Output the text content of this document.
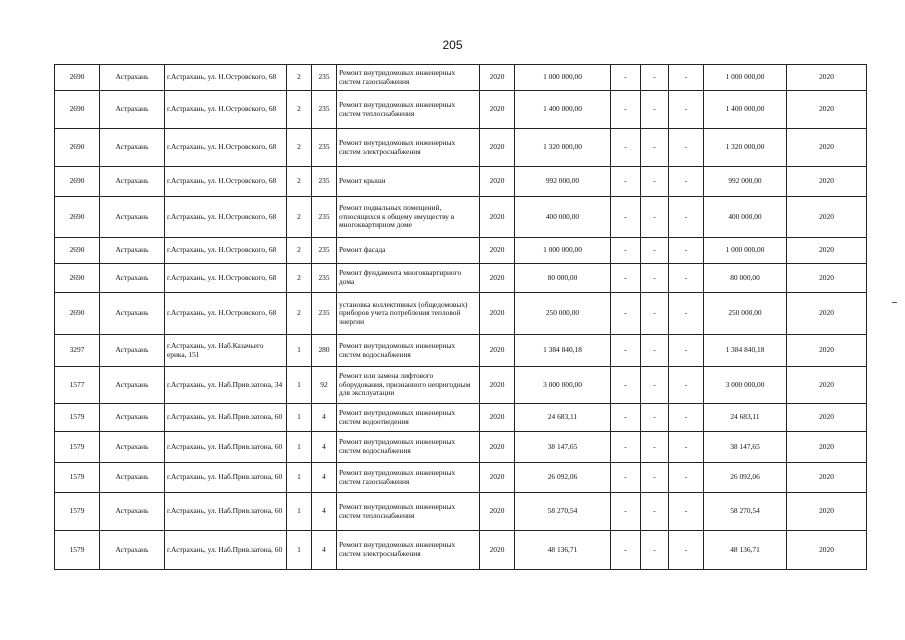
205
2690	Астрахань	г.Астрахань, ул. Н.Островского, 68	2	235	Ремонт внутридомовых инженерных систем газоснабжения	2020	1 000 000,00	-	-	-	1 000 000,00	2020
2690	Астрахань	г.Астрахань, ул. Н.Островского, 68	2	235	Ремонт внутридомовых инженерных систем теплоснабжения	2020	1 400 000,00	-	-	-	1 400 000,00	2020
2690	Астрахань	г.Астрахань, ул. Н.Островского, 68	2	235	Ремонт внутридомовых инженерных систем электроснабжения	2020	1 320 000,00	-	-	-	1 320 000,00	2020
2690	Астрахань	г.Астрахань, ул. Н.Островского, 68	2	235	Ремонт крыши	2020	992 000,00	-	-	-	992 000,00	2020
2690	Астрахань	г.Астрахань, ул. Н.Островского, 68	2	235	Ремонт подвальных помещений, относящихся к общему имуществу в многоквартирном доме	2020	400 000,00	-	-	-	400 000,00	2020
2690	Астрахань	г.Астрахань, ул. Н.Островского, 68	2	235	Ремонт фасада	2020	1 000 000,00	-	-	-	1 000 000,00	2020
2690	Астрахань	г.Астрахань, ул. Н.Островского, 68	2	235	Ремонт фундамента многоквартирного дома	2020	80 000,00	-	-	-	80 000,00	2020
2690	Астрахань	г.Астрахань, ул. Н.Островского, 68	2	235	установка коллективных (общедомовых) приборов учета потребления тепловой энергии	2020	250 000,00	-	-	-	250 000,00	2020
3297	Астрахань	г.Астрахань, ул. Наб.Казачьего ерика, 151	1	280	Ремонт внутридомовых инженерных систем водоснабжения	2020	1 384 840,18	-	-	-	1 384 840,18	2020
1577	Астрахань	г.Астрахань, ул. Наб.Прив.затона, 34	1	92	Ремонт или замена лифтового оборудования, признанного непригодным для эксплуатации	2020	3 000 000,00	-	-	-	3 000 000,00	2020
1579	Астрахань	г.Астрахань, ул. Наб.Прив.затона, 60	1	4	Ремонт внутридомовых инженерных систем водоотведения	2020	24 683,11	-	-	-	24 683,11	2020
1579	Астрахань	г.Астрахань, ул. Наб.Прив.затона, 60	1	4	Ремонт внутридомовых инженерных систем водоснабжения	2020	38 147,65	-	-	-	38 147,65	2020
1579	Астрахань	г.Астрахань, ул. Наб.Прив.затона, 60	1	4	Ремонт внутридомовых инженерных систем газоснабжения	2020	26 092,06	-	-	-	26 092,06	2020
1579	Астрахань	г.Астрахань, ул. Наб.Прив.затона, 60	1	4	Ремонт внутридомовых инженерных систем теплоснабжения	2020	58 270,54	-	-	-	58 270,54	2020
1579	Астрахань	г.Астрахань, ул. Наб.Прив.затона, 60	1	4	Ремонт внутридомовых инженерных систем электроснабжения	2020	48 136,71	-	-	-	48 136,71	2020
